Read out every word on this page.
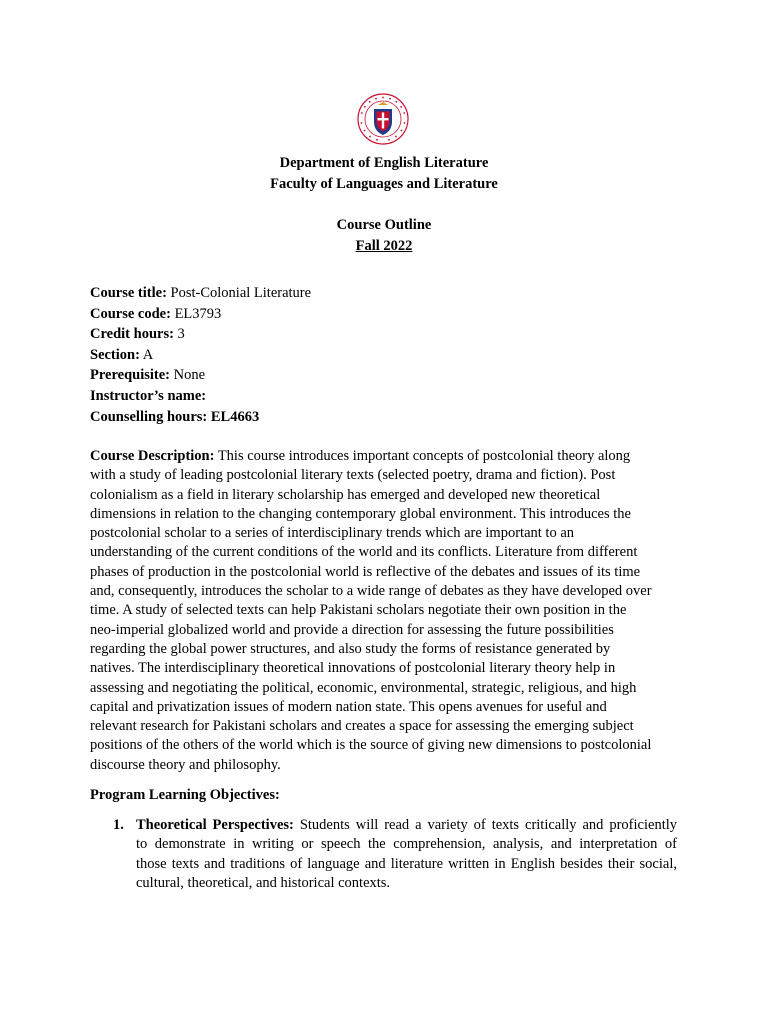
Department of English Literature
Faculty of Languages and Literature
Course Outline
Fall 2022
Course title: Post-Colonial Literature
Course code: EL3793
Credit hours: 3
Section: A
Prerequisite: None
Instructor’s name:
Counselling hours: EL4663
Course Description: This course introduces important concepts of postcolonial theory along
with a study of leading postcolonial literary texts (selected poetry, drama and fiction). Post
colonialism as a field in literary scholarship has emerged and developed new theoretical
dimensions in relation to the changing contemporary global environment. This introduces the
postcolonial scholar to a series of interdisciplinary trends which are important to an
understanding of the current conditions of the world and its conflicts. Literature from different
phases of production in the postcolonial world is reflective of the debates and issues of its time
and, consequently, introduces the scholar to a wide range of debates as they have developed over
time. A study of selected texts can help Pakistani scholars negotiate their own position in the
neo-imperial globalized world and provide a direction for assessing the future possibilities
regarding the global power structures, and also study the forms of resistance generated by
natives. The interdisciplinary theoretical innovations of postcolonial literary theory help in
assessing and negotiating the political, economic, environmental, strategic, religious, and high
capital and privatization issues of modern nation state. This opens avenues for useful and
relevant research for Pakistani scholars and creates a space for assessing the emerging subject
positions of the others of the world which is the source of giving new dimensions to postcolonial
discourse theory and philosophy.
Program Learning Objectives:
1. Theoretical Perspectives: Students will read a variety of texts critically and proficiently
to demonstrate in writing or speech the comprehension, analysis, and interpretation of
those texts and traditions of language and literature written in English besides their social,
cultural, theoretical, and historical contexts.
